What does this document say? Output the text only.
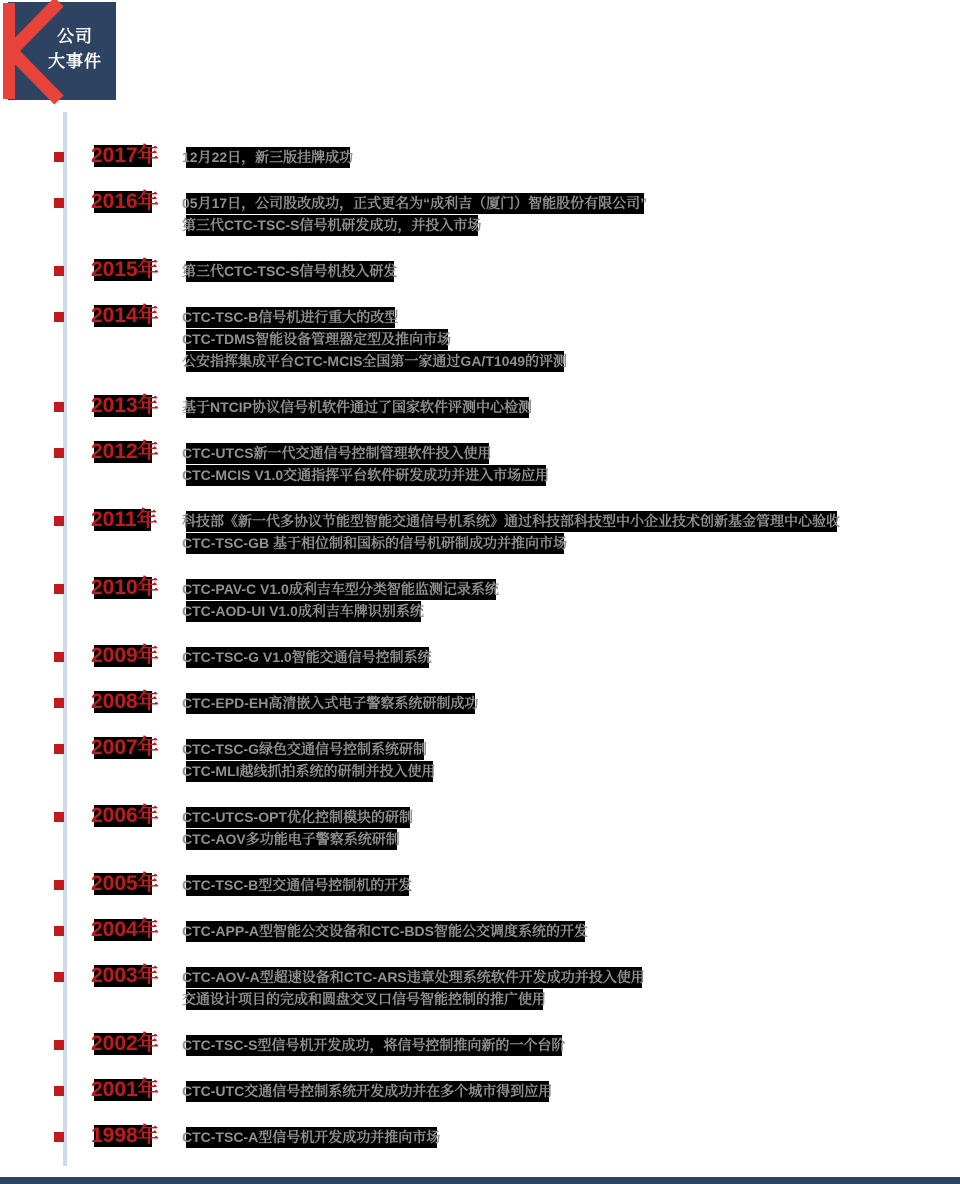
公司
大事件
2017年	12月22日，新三版挂牌成功
2016年	05月17日，公司股改成功，正式更名为“成利吉（厦门）智能股份有限公司”
第三代CTC-TSC-S信号机研发成功，并投入市场
2015年	第三代CTC-TSC-S信号机投入研发
2014年	CTC-TSC-B信号机进行重大的改型
CTC-TDMS智能设备管理器定型及推向市场
公安指挥集成平台CTC-MCIS全国第一家通过GA/T1049的评测
2013年	基于NTCIP协议信号机软件通过了国家软件评测中心检测
2012年	CTC-UTCS新一代交通信号控制管理软件投入使用
CTC-MCIS V1.0交通指挥平台软件研发成功并进入市场应用
2011年	科技部《新一代多协议节能型智能交通信号机系统》通过科技部科技型中小企业技术创新基金管理中心验收
CTC-TSC-GB 基于相位制和国标的信号机研制成功并推向市场
2010年	CTC-PAV-C V1.0成利吉车型分类智能监测记录系统
CTC-AOD-UI V1.0成利吉车牌识别系统
2009年	CTC-TSC-G V1.0智能交通信号控制系统
2008年	CTC-EPD-EH高清嵌入式电子警察系统研制成功
2007年	CTC-TSC-G绿色交通信号控制系统研制
CTC-MLI越线抓拍系统的研制并投入使用
2006年	CTC-UTCS-OPT优化控制模块的研制
CTC-AOV多功能电子警察系统研制
2005年	CTC-TSC-B型交通信号控制机的开发
2004年	CTC-APP-A型智能公交设备和CTC-BDS智能公交调度系统的开发
2003年	CTC-AOV-A型超速设备和CTC-ARS违章处理系统软件开发成功并投入使用
交通设计项目的完成和圆盘交叉口信号智能控制的推广使用
2002年	CTC-TSC-S型信号机开发成功，将信号控制推向新的一个台阶
2001年	CTC-UTC交通信号控制系统开发成功并在多个城市得到应用
1998年	CTC-TSC-A型信号机开发成功并推向市场
